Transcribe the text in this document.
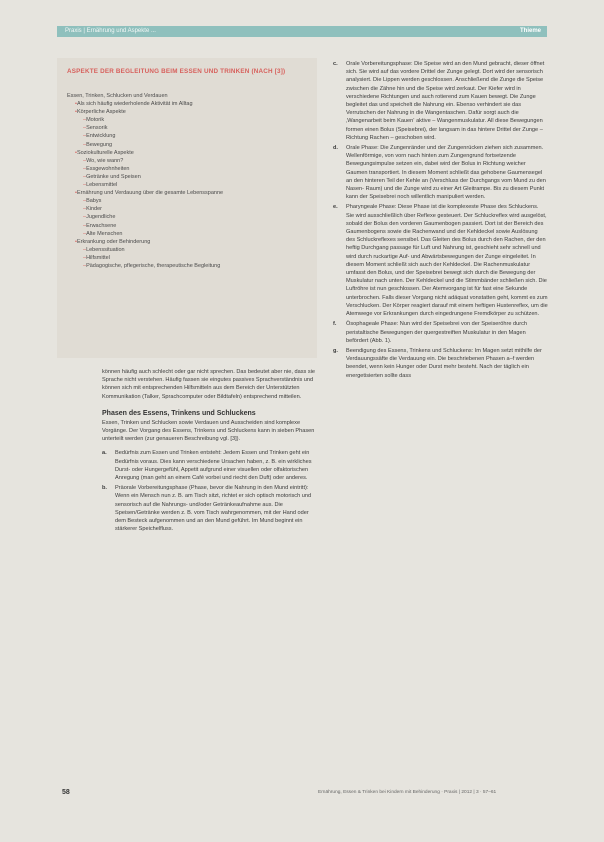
Praxis | Ernährung und Aspekte ...	Thieme
ASPEKTE DER BEGLEITUNG BEIM ESSEN UND TRINKEN (NACH [3])
Essen, Trinken, Schlucken und Verdauen
• Als sich häufig wiederholende Aktivität im Alltag
• Körperliche Aspekte
– Motorik
– Sensorik
– Entwicklung
– Bewegung
• Soziokulturelle Aspekte
– Wo, wie wann?
– Essgewohnheiten
– Getränke und Speisen
– Lebensmittel
• Ernährung und Verdauung über die gesamte Lebensspanne
– Babys
– Kinder
– Jugendliche
– Erwachsene
– Alte Menschen
• Erkrankung oder Behinderung
– Lebenssituation
– Hilfsmittel
– Pädagogische, pflegerische, therapeutische Begleitung

können häufig auch schlecht oder gar nicht sprechen. Das bedeutet aber nie, dass sie Sprache nicht verstehen. Häufig fassen sie eingutes passives Sprachverständnis und können sich mit entsprechenden Hilfsmitteln aus dem Bereich der Unterstützten Kommunikation (Talker, Sprachcomputer oder Bildtafeln) entsprechend mitteilen.

Phasen des Essens, Trinkens und Schluckens

Essen, Trinken und Schlucken sowie Verdauen und Ausscheiden sind komplexe Vorgänge. Der Vorgang des Essens, Trinkens und Schluckens kann in sieben Phasen unterteilt werden (zur genaueren Beschreibung vgl. [3]).

a. Bedürfnis zum Essen und Trinken entsteht: Jedem Essen und Trinken geht ein Bedürfnis voraus. Dies kann verschiedene Ursachen haben, z. B. ein wirkliches Durst- oder Hungergefühl, Appetit aufgrund einer visuellen oder olfaktorischen Anregung (man geht an einem Café vorbei und riecht den Duft) oder anderes.
b. Präorale Vorbereitungsphase (Phase, bevor die Nahrung in den Mund eintritt): Wenn ein Mensch nun z. B. am Tisch sitzt, richtet er sich optisch motorisch und sensorisch auf die Nahrungs- und/oder Getränkeaufnahme aus. Die Speisen/Getränke werden z. B. vom Tisch wahrgenommen, mit der Hand oder dem Besteck aufgenommen und an den Mund geführt. Im Mund beginnt ein stärkerer Speichelfluss.
c. Orale Vorbereitungsphase: Die Speise wird an den Mund gebracht, dieser öffnet sich. Sie wird auf das vordere Drittel der Zunge gelegt. Dort wird der sensorisch analysiert. Die Lippen werden geschlossen. Anschließend die Zunge die Speise zwischen die Zähne hin und die Speise wird zerkaut. Der Kiefer wird in verschiedene Richtungen und auch rotierend zum Kauen bewegt. Die Zunge begleitet das und speichelt die Nahrung ein. Ebenso verhindert sie das Verrutschen der Nahrung in die Wangentaschen. Dafür sorgt auch die ‚Wangenarbeit beim Kauen‘ aktive – Wangenmuskulatur. All diese Bewegungen formen einen Bolus (Speisebrei), der langsam in das hintere Drittel der Zunge – Richtung Rachen – geschoben wird.
d. Orale Phase: Die Zungenränder und der Zungenrücken ziehen sich zusammen. Wellenförmige, von vorn nach hinten zum Zungengrund fortsetzende Bewegungsimpulse setzen ein, dabei wird der Bolus in Richtung weicher Gaumen transportiert. In diesem Moment schließt das gehobene Gaumensegel an den hinteren Teil der Kehle an (Verschluss der Durchgangs vom Mund zu den Nasen- Raum) und die Zunge wird zu einer Art Gleitrampe. Bis zu diesem Punkt kann der Speisebrei noch willentlich manipuliert werden.
e. Pharyngeale Phase: Diese Phase ist die komplexeste Phase des Schluckens. Sie wird ausschließlich über Reflexe gesteuert. Der Schluckreflex wird ausgelöst, sobald der Bolus den vorderen Gaumenbogen passiert. Dort ist der Bereich des Gaumenbogens sowie die Rachenwand und der Kehldeckel sowie Auslösung des Schluckreflexes sensibel. Das Gleiten des Bolus durch den Rachen, der den heftig Durchgang passage für Luft und Nahrung ist, geschieht sehr schnell und wird durch ruckartige Auf- und Abwärtsbewegungen der Zunge eingeleitet. In diesem Moment schließt sich auch der Kehldeckel. Die Rachenmuskulatur umfasst den Bolus, und der Speisebrei bewegt sich durch die Bewegung der Muskulatur nach unten. Der Kehldeckel und die Stimmbänder schließen sich. Die Luftröhre ist nun geschlossen. Der Atemvorgang ist für fast eine Sekunde unterbrochen. Falls dieser Vorgang nicht adäquat vonstatten geht, kommt es zum Verschlucken. Der Körper reagiert darauf mit einem heftigen Hustenreflex, um die Atemwege vor Erkrankungen durch eingedrungene Fremdkörper zu schützen.
f. Ösophageale Phase: Nun wird der Speisebrei von der Speiseröhre durch peristaltische Bewegungen der quergestreiften Muskulatur in den Magen befördert (Abb. 1).
g. Beendigung des Essens, Trinkens und Schluckens: Im Magen setzt mithilfe der Verdauungssäfte die Verdauung ein. Die beschriebenen Phasen a–f werden beendet, wenn kein Hunger oder Durst mehr besteht. Nach der täglich ein energetisierten sollte dass
58	Ernährung, Essen & Trinken bei Kindern mit Behinderung · Praxis | 2012 | 3 · 57–61
